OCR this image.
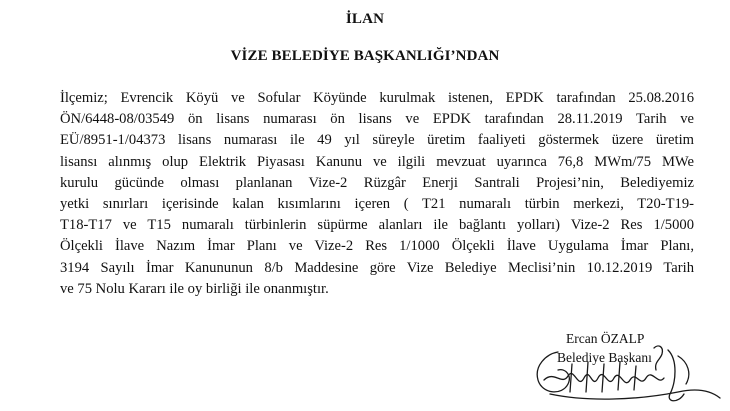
İLAN
VİZE BELEDİYE BAŞKANLIĞI’NDAN
İlçemiz; Evrencik Köyü ve Sofular Köyünde kurulmak istenen, EPDK tarafından 25.08.2016
ÖN/6448-08/03549 ön lisans numarası ön lisans ve EPDK tarafından 28.11.2019 Tarih ve
EÜ/8951-1/04373 lisans numarası ile 49 yıl süreyle üretim faaliyeti göstermek üzere üretim
lisansı alınmış olup Elektrik Piyasası Kanunu ve ilgili mevzuat uyarınca 76,8 MWm/75 MWe
kurulu gücünde olması planlanan Vize-2 Rüzgâr Enerji Santrali Projesi’nin, Belediyemiz
yetki sınırları içerisinde kalan kısımlarını içeren ( T21 numaralı türbin merkezi, T20-T19-
T18-T17 ve T15 numaralı türbinlerin süpürme alanları ile bağlantı yolları) Vize-2 Res 1/5000
Ölçekli İlave Nazım İmar Planı ve Vize-2 Res 1/1000 Ölçekli İlave Uygulama İmar Planı,
3194 Sayılı İmar Kanununun 8/b Maddesine göre Vize Belediye Meclisi’nin 10.12.2019 Tarih
ve 75 Nolu Kararı ile oy birliği ile onanmıştır.
Ercan ÖZALP
Belediye Başkanı
